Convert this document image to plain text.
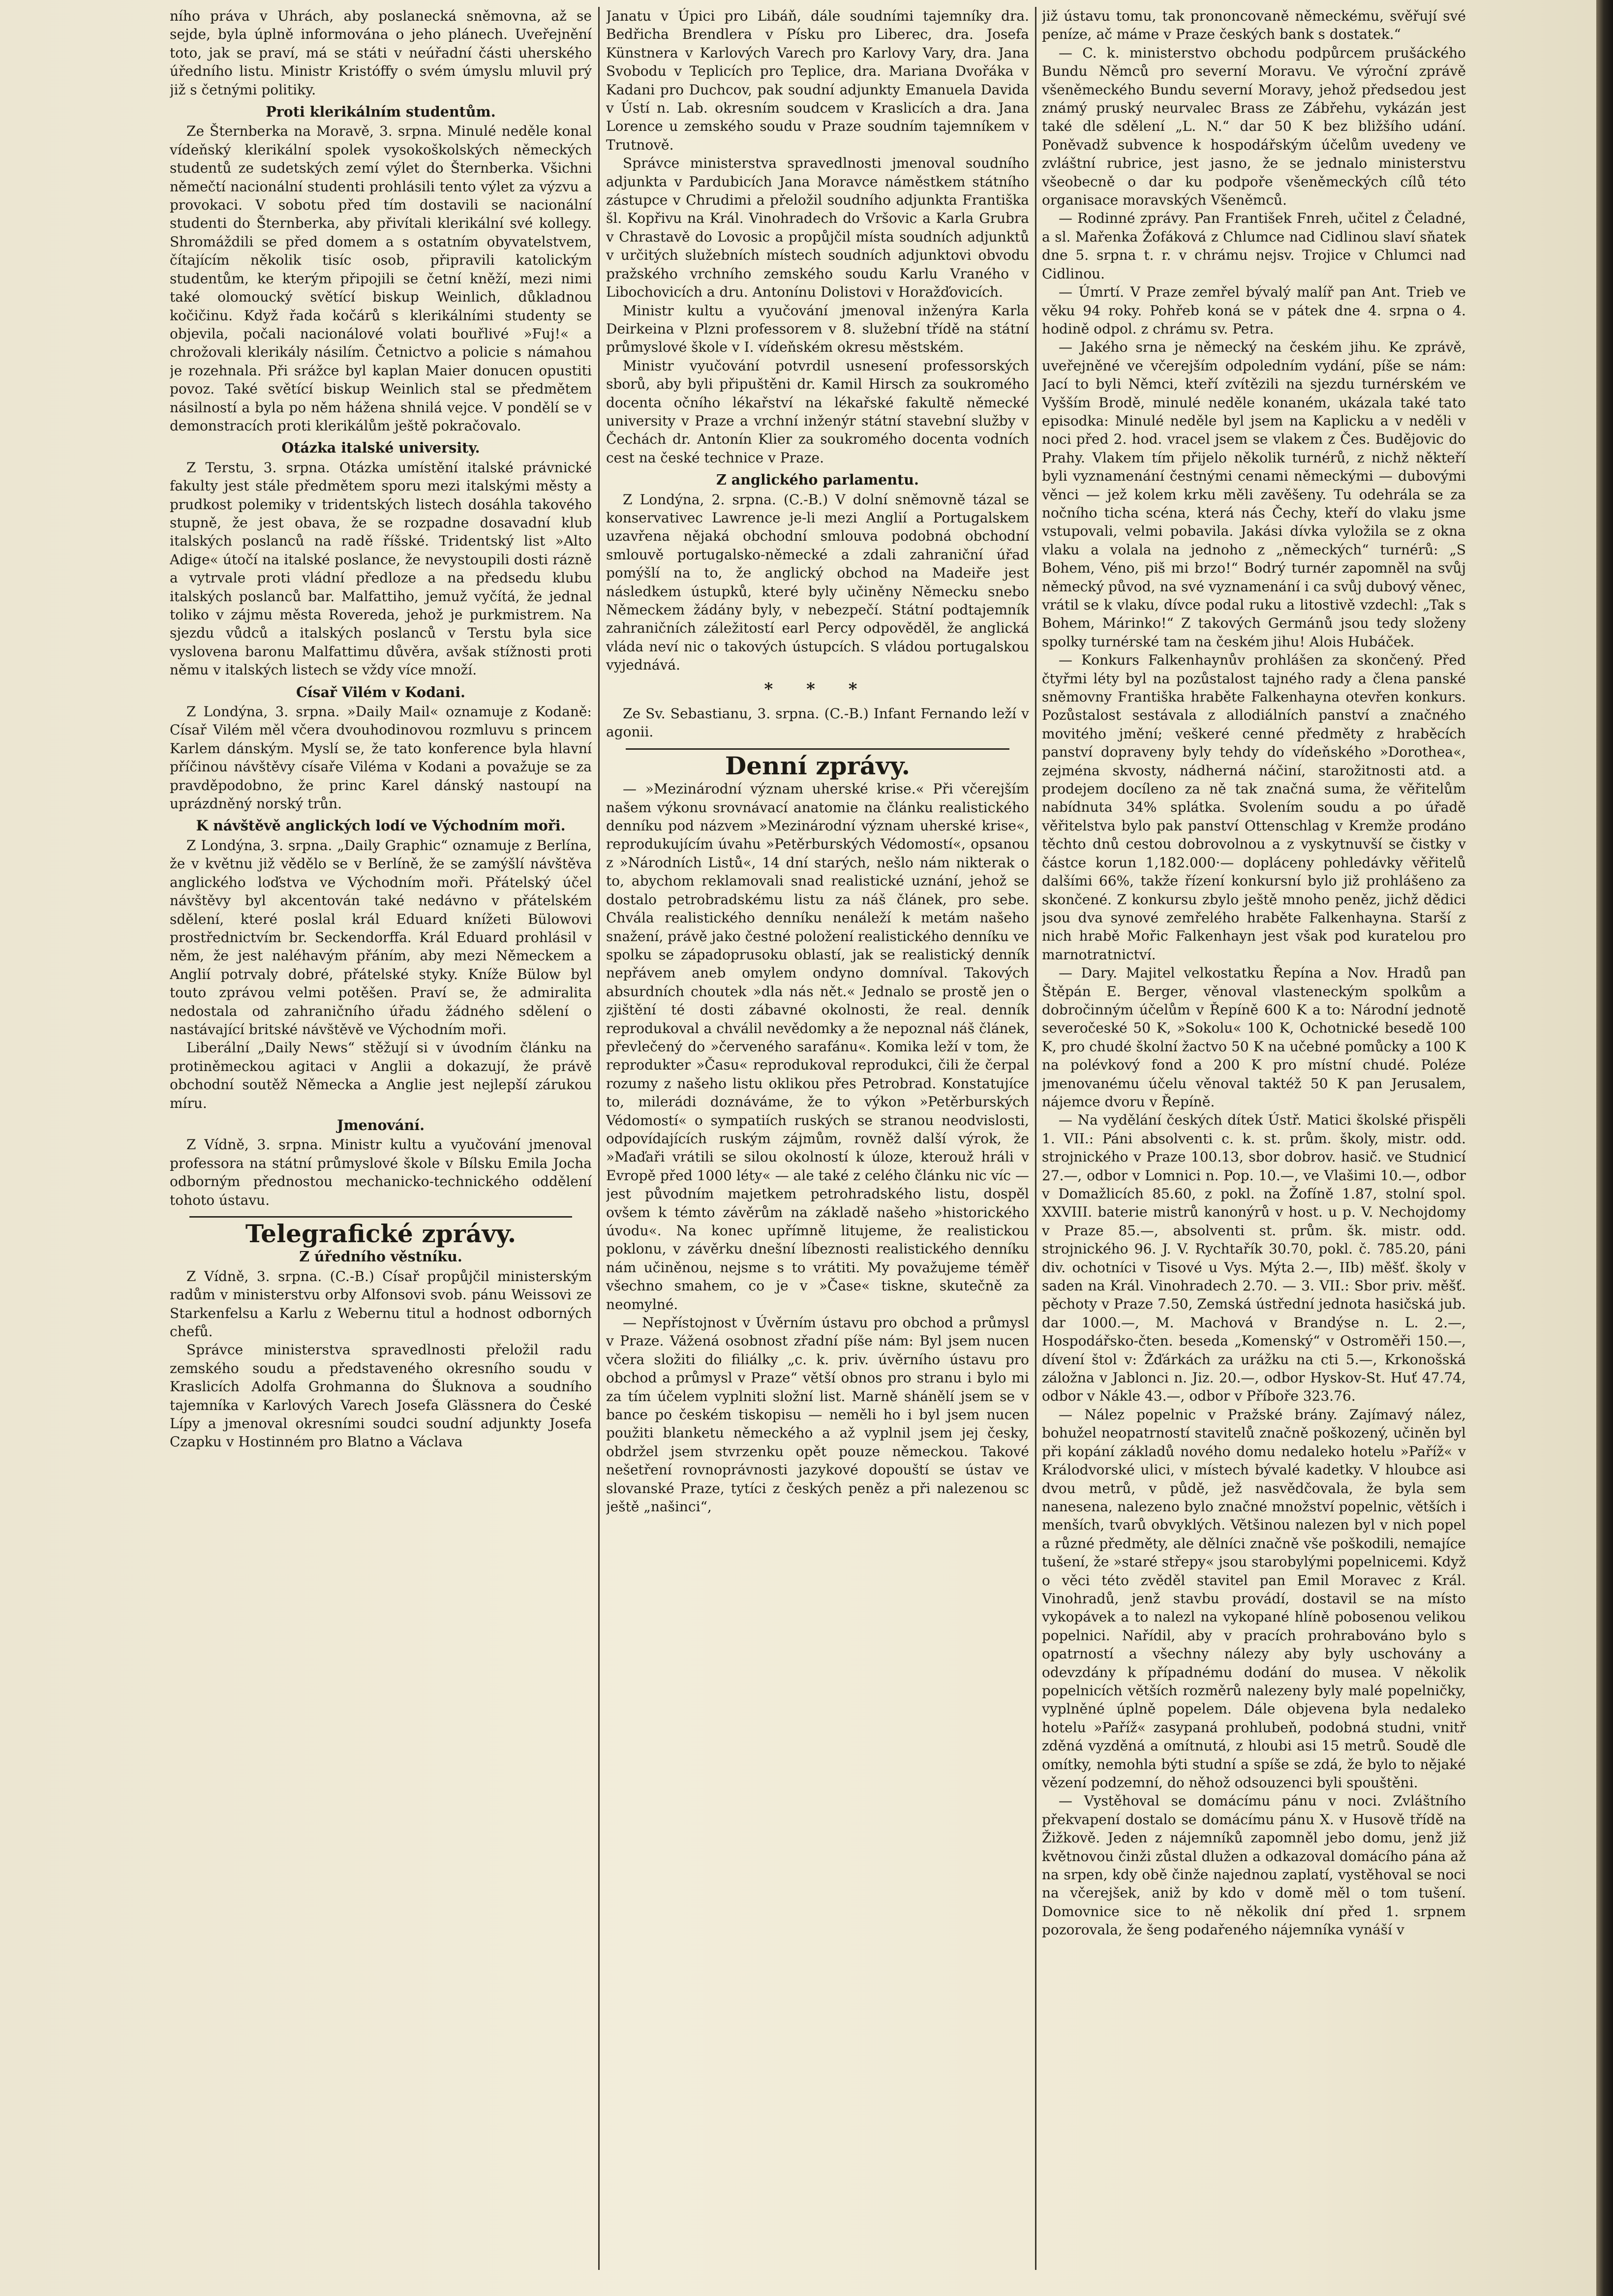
ního práva v Uhrách, aby poslanecká sněmovna, až se sejde, byla úplně informována o jeho plánech. Uveřejnění toto, jak se praví, má se státi v neúřadní části uherského úředního listu. Ministr Kristóffy o svém úmyslu mluvil prý již s četnými politiky.

Proti klerikálním studentům.

Ze Šternberka na Moravě, 3. srpna. Minulé neděle konal vídeňský klerikální spolek vysokoškolských německých studentů ze sudetských zemí výlet do Šternberka. Všichni němečtí nacionální studenti prohlásili tento výlet za výzvu a provokaci. V sobotu před tím dostavili se nacionální studenti do Šternberka, aby přivítali klerikální své kollegy. Shromáždili se před domem a s ostatním obyvatelstvem, čítajícím několik tisíc osob, připravili katolickým studentům, ke kterým připojili se četní kněží, mezi nimi také olomoucký světící biskup Weinlich, důkladnou kočičinu. Když řada kočárů s klerikálními studenty se objevila, počali nacionálové volati bouřlivé »Fuj!« a chrožovali klerikály násilím. Četnictvo a policie s námahou je rozehnala. Při srážce byl kaplan Maier donucen opustiti povoz. Také světící biskup Weinlich stal se předmětem násilností a byla po něm hážena shnilá vejce. V pondělí se v demonstracích proti klerikálům ještě pokračovalo.

Otázka italské university.

Z Terstu, 3. srpna. Otázka umístění italské právnické fakulty jest stále předmětem sporu mezi italskými městy a prudkost polemiky v tridentských listech dosáhla takového stupně, že jest obava, že se rozpadne dosavadní klub italských poslanců na radě říšské. Tridentský list »Alto Adige« útočí na italské poslance, že nevystoupili dosti rázně a vytrvale proti vládní předloze a na předsedu klubu italských poslanců bar. Malfattiho, jemuž vyčítá, že jednal toliko v zájmu města Rovereda, jehož je purkmistrem. Na sjezdu vůdců a italských poslanců v Terstu byla sice vyslovena baronu Malfattimu důvěra, avšak stížnosti proti němu v italských listech se vždy více množí.

Císař Vilém v Kodani.

Z Londýna, 3. srpna. »Daily Mail« oznamuje z Kodaně: Císař Vilém měl včera dvouhodinovou rozmluvu s princem Karlem dánským. Myslí se, že tato konference byla hlavní příčinou návštěvy císaře Viléma v Kodani a považuje se za pravděpodobno, že princ Karel dánský nastoupí na uprázdněný norský trůn.

K návštěvě anglických lodí ve Východním moři.

Z Londýna, 3. srpna. „Daily Graphic“ oznamuje z Berlína, že v květnu již vědělo se v Berlíně, že se zamýšlí návštěva anglického loďstva ve Východním moři. Přátelský účel návštěvy byl akcentován také nedávno v přátelském sdělení, které poslal král Eduard knížeti Bülowovi prostřednictvím br. Seckendorffa. Král Eduard prohlásil v něm, že jest naléhavým přáním, aby mezi Německem a Anglií potrvaly dobré, přátelské styky. Kníže Bülow byl touto zprávou velmi potěšen. Praví se, že admiralita nedostala od zahraničního úřadu žádného sdělení o nastávající britské návštěvě ve Východním moři.

Liberální „Daily News“ stěžují si v úvodním článku na protiněmeckou agitaci v Anglii a dokazují, že právě obchodní soutěž Německa a Anglie jest nejlepší zárukou míru.

Jmenování.

Z Vídně, 3. srpna. Ministr kultu a vyučování jmenoval professora na státní průmyslové škole v Bílsku Emila Jocha odborným přednostou mechanicko-technického oddělení tohoto ústavu.

Telegrafické zprávy.
Z úředního věstníku.

Z Vídně, 3. srpna. (C.-B.) Císař propůjčil ministerským radům v ministerstvu orby Alfonsovi svob. pánu Weissovi ze Starkenfelsu a Karlu z Webernu titul a hodnost odborných chefů.

Správce ministerstva spravedlnosti přeložil radu zemského soudu a představeného okresního soudu v Kraslicích Adolfa Grohmanna do Šluknova a soudního tajemníka v Karlových Varech Josefa Glässnera do České Lípy a jmenoval okresními soudci soudní adjunkty Josefa Czapku v Hostinném pro Blatno a Václava

Janatu v Úpici pro Libáň, dále soudními tajemníky dra. Bedřicha Brendlera v Písku pro Liberec, dra. Josefa Künstnera v Karlových Varech pro Karlovy Vary, dra. Jana Svobodu v Teplicích pro Teplice, dra. Mariana Dvořáka v Kadani pro Duchcov, pak soudní adjunkty Emanuela Davida v Ústí n. Lab. okresním soudcem v Kraslicích a dra. Jana Lorence u zemského soudu v Praze soudním tajemníkem v Trutnově.

Správce ministerstva spravedlnosti jmenoval soudního adjunkta v Pardubicích Jana Moravce náměstkem státního zástupce v Chrudimi a přeložil soudního adjunkta Františka šl. Kopřivu na Král. Vinohradech do Vršovic a Karla Grubra v Chrastavě do Lovosic a propůjčil místa soudních adjunktů v určitých služebních místech soudních adjunktovi obvodu pražského vrchního zemského soudu Karlu Vraného v Libochovicích a dru. Antonínu Dolistovi v Horažďovicích.

Ministr kultu a vyučování jmenoval inženýra Karla Deirkeina v Plzni professorem v 8. služební třídě na státní průmyslové škole v I. vídeňském okresu městském.

Ministr vyučování potvrdil usnesení professorských sborů, aby byli připuštěni dr. Kamil Hirsch za soukromého docenta očního lékařství na lékařské fakultě německé university v Praze a vrchní inženýr státní stavební služby v Čechách dr. Antonín Klier za soukromého docenta vodních cest na české technice v Praze.

Z anglického parlamentu.

Z Londýna, 2. srpna. (C.-B.) V dolní sněmovně tázal se konservativec Lawrence je-li mezi Anglií a Portugalskem uzavřena nějaká obchodní smlouva podobná obchodní smlouvě portugalsko-německé a zdali zahraniční úřad pomýšlí na to, že anglický obchod na Madeiře jest následkem ústupků, které byly učiněny Německu snebo Německem žádány byly, v nebezpečí. Státní podtajemník zahraničních záležitostí earl Percy odpověděl, že anglická vláda neví nic o takových ústupcích. S vládou portugalskou vyjednává.

* * *

Ze Sv. Sebastianu, 3. srpna. (C.-B.) Infant Fernando leží v agonii.

Denní zprávy.

— »Mezinárodní význam uherské krise.« Při včerejším našem výkonu srovnávací anatomie na článku realistického denníku pod názvem »Mezinárodní význam uherské krise«, reprodukujícím úvahu »Petěrburských Védomostí«, opsanou z »Národních Listů«, 14 dní starých, nešlo nám nikterak o to, abychom reklamovali snad realistické uznání, jehož se dostalo petrobradskému listu za náš článek, pro sebe. Chvála realistického denníku nenáleží k metám našeho snažení, právě jako čestné položení realistického denníku ve spolku se západoprusoku oblastí, jak se realistický denník nepřávem aneb omylem ondyno domníval. Takových absurdních choutek »dla nás nět.« Jednalo se prostě jen o zjištění té dosti zábavné okolnosti, že real. denník reprodukoval a chválil nevědomky a že nepoznal náš článek, převlečený do »červeného sarafánu«. Komika leží v tom, že reprodukter »Času« reprodukoval reprodukci, čili že čerpal rozumy z našeho listu oklikou přes Petrobrad. Konstatujíce to, milerádi doznáváme, že to výkon »Petěrburských Védomostí« o sympatiích ruských se stranou neodvislosti, odpovídajících ruským zájmům, rovněž další výrok, že »Maďaři vrátili se silou okolností k úloze, kterouž hráli v Evropě před 1000 léty« — ale také z celého článku nic víc — jest původním majetkem petrohradského listu, dospěl ovšem k témto závěrům na základě našeho »historického úvodu«. Na konec upřímně litujeme, že realistickou poklonu, v závěrku dnešní líbeznosti realistického denníku nám učiněnou, nejsme s to vrátiti. My považujeme téměř všechno smahem, co je v »Čase« tiskne, skutečně za neomylné.

— Nepřístojnost v Úvěrním ústavu pro obchod a průmysl v Praze. Vážená osobnost zřadní píše nám: Byl jsem nucen včera složiti do filiálky „c. k. priv. úvěrního ústavu pro obchod a průmysl v Praze“ větší obnos pro stranu i bylo mi za tím účelem vyplniti složní list. Marně shánělí jsem se v bance po českém tiskopisu — neměli ho i byl jsem nucen použiti blanketu německého a až vyplnil jsem jej česky, obdržel jsem stvrzenku opět pouze německou. Takové nešetření rovnoprávnosti jazykové dopouští se ústav ve slovanské Praze, tytíci z českých peněz a při nalezenou sc ještě „našinci“,

již ústavu tomu, tak prononcovaně německému, svěřují své peníze, ač máme v Praze českých bank s dostatek.“

— C. k. ministerstvo obchodu podpůrcem prušáckého Bundu Němců pro severní Moravu. Ve výroční zprávě všeněmeckého Bundu severní Moravy, jehož předsedou jest známý pruský neurvalec Brass ze Zábřehu, vykázán jest také dle sdělení „L. N.“ dar 50 K bez bližšího udání. Poněvadž subvence k hospodářským účelům uvedeny ve zvláštní rubrice, jest jasno, že se jednalo ministerstvu všeobecně o dar ku podpoře všeněmeckých cílů této organisace moravských Všeněmců.

— Rodinné zprávy. Pan František Fnreh, učitel z Čeladné, a sl. Mařenka Žofáková z Chlumce nad Cidlinou slaví sňatek dne 5. srpna t. r. v chrámu nejsv. Trojice v Chlumci nad Cidlinou.

— Úmrtí. V Praze zemřel bývalý malíř pan Ant. Trieb ve věku 94 roky. Pohřeb koná se v pátek dne 4. srpna o 4. hodině odpol. z chrámu sv. Petra.

— Jakého srna je německý na českém jihu. Ke zprávě, uveřejněné ve včerejším odpoledním vydání, píše se nám: Jací to byli Němci, kteří zvítězili na sjezdu turnérském ve Vyšším Brodě, minulé neděle konaném, ukázala také tato episodka: Minulé neděle byl jsem na Kaplicku a v neděli v noci před 2. hod. vracel jsem se vlakem z Čes. Budějovic do Prahy. Vlakem tím přijelo několik turnérů, z nichž někteří byli vyznamenání čestnými cenami německými — dubovými věnci — jež kolem krku měli zavěšeny. Tu odehrála se za nočního ticha scéna, která nás Čechy, kteří do vlaku jsme vstupovali, velmi pobavila. Jakási dívka vyložila se z okna vlaku a volala na jednoho z „německých“ turnérů: „S Bohem, Véno, piš mi brzo!“ Bodrý turnér zapomněl na svůj německý původ, na své vyznamenání i ca svůj dubový věnec, vrátil se k vlaku, dívce podal ruku a litostivě vzdechl: „Tak s Bohem, Márinko!“ Z takových Germánů jsou tedy složeny spolky turnérské tam na českém jihu! Alois Hubáček.

— Konkurs Falkenhaynův prohlášen za skončený. Před čtyřmi léty byl na pozůstalost tajného rady a člena panské sněmovny Františka hraběte Falkenhayna otevřen konkurs. Pozůstalost sestávala z allodiálních panství a značného movitého jmění; veškeré cenné předměty z hraběcích panství dopraveny byly tehdy do vídeňského »Dorothea«, zejména skvosty, nádherná náčiní, starožitnosti atd. a prodejem docíleno za ně tak značná suma, že věřitelům nabídnuta 34% splátka. Svolením soudu a po úřadě věřitelstva bylo pak panství Ottenschlag v Kremže prodáno těchto dnů cestou dobrovolnou a z vyskytnuvší se čistky v částce korun 1,182.000·— dopláceny pohledávky věřitelů dalšími 66%, takže řízení konkursní bylo již prohlášeno za skončené. Z konkursu zbylo ještě mnoho peněz, jichž dědici jsou dva synové zemřelého hraběte Falkenhayna. Starší z nich hrabě Mořic Falkenhayn jest však pod kuratelou pro marnotratnictví.

— Dary. Majitel velkostatku Řepína a Nov. Hradů pan Štěpán E. Berger, věnoval vlasteneckým spolkům a dobročinným účelům v Řepíně 600 K a to: Národní jednotě severočeské 50 K, »Sokolu« 100 K, Ochotnické besedě 100 K, pro chudé školní žactvo 50 K na učebné pomůcky a 100 K na polévkový fond a 200 K pro místní chudé. Poléze jmenovanému účelu věnoval taktéž 50 K pan Jerusalem, nájemce dvoru v Řepíně.

— Na vydělání českých dítek Ústř. Matici školské přispěli 1. VII.: Páni absolventi c. k. st. prům. školy, mistr. odd. strojnického v Praze 100.13, sbor dobrov. hasič. ve Studnicí 27.—, odbor v Lomnici n. Pop. 10.—, ve Vlašimi 10.—, odbor v Domažlicích 85.60, z pokl. na Žofíně 1.87, stolní spol. XXVIII. baterie mistrů kanonýrů v host. u p. V. Nechojdomy v Praze 85.—, absolventi st. prům. šk. mistr. odd. strojnického 96. J. V. Rychtařík 30.70, pokl. č. 785.20, páni div. ochotníci v Tisové u Vys. Mýta 2.—, IIb) měšť. školy v saden na Král. Vinohradech 2.70. — 3. VII.: Sbor priv. měšť. pěchoty v Praze 7.50, Zemská ústřední jednota hasičská jub. dar 1000.—, M. Machová v Brandýse n. L. 2.—, Hospodářsko-čten. beseda „Komenský“ v Ostroměři 150.—, dívení štol v: Žďárkách za urážku na cti 5.—, Krkonošská záložna v Jablonci n. Jiz. 20.—, odbor Hyskov-St. Huť 47.74, odbor v Nákle 43.—, odbor v Příboře 323.76.

— Nález popelnic v Pražské brány. Zajímavý nález, bohužel neopatrností stavitelů značně poškozený, učiněn byl při kopání základů nového domu nedaleko hotelu »Paříž« v Králodvorské ulici, v místech bývalé kadetky. V hloubce asi dvou metrů, v půdě, jež nasvědčovala, že byla sem nanesena, nalezeno bylo značné množství popelnic, větších i menších, tvarů obvyklých. Většinou nalezen byl v nich popel a různé předměty, ale dělníci značně vše poškodili, nemajíce tušení, že »staré střepy« jsou starobylými popelnicemi. Když o věci této zvěděl stavitel pan Emil Moravec z Král. Vinohradů, jenž stavbu provádí, dostavil se na místo vykopávek a to nalezl na vykopané hlíně pobosenou velikou popelnici. Nařídil, aby v pracích prohrabováno bylo s opatrností a všechny nálezy aby byly uschovány a odevzdány k případnému dodání do musea. V několik popelnicích větších rozměrů nalezeny byly malé popelničky, vyplněné úplně popelem. Dále objevena byla nedaleko hotelu »Paříž« zasypaná prohlubeň, podobná studni, vnitř zděná vyzděná a omítnutá, z hloubi asi 15 metrů. Soudě dle omítky, nemohla býti studní a spíše se zdá, že bylo to nějaké vězení podzemní, do něhož odsouzenci byli spouštěni.

— Vystěhoval se domácímu pánu v noci. Zvláštního překvapení dostalo se domácímu pánu X. v Husově třídě na Žižkově. Jeden z nájemníků zapomněl jebo domu, jenž již květnovou činži zůstal dlužen a odkazoval domácího pána až na srpen, kdy obě činže najednou zaplatí, vystěhoval se noci na včerejšek, aniž by kdo v domě měl o tom tušení. Domovnice sice to ně několik dní před 1. srpnem pozorovala, že šeng podařeného nájemníka vynáší v
